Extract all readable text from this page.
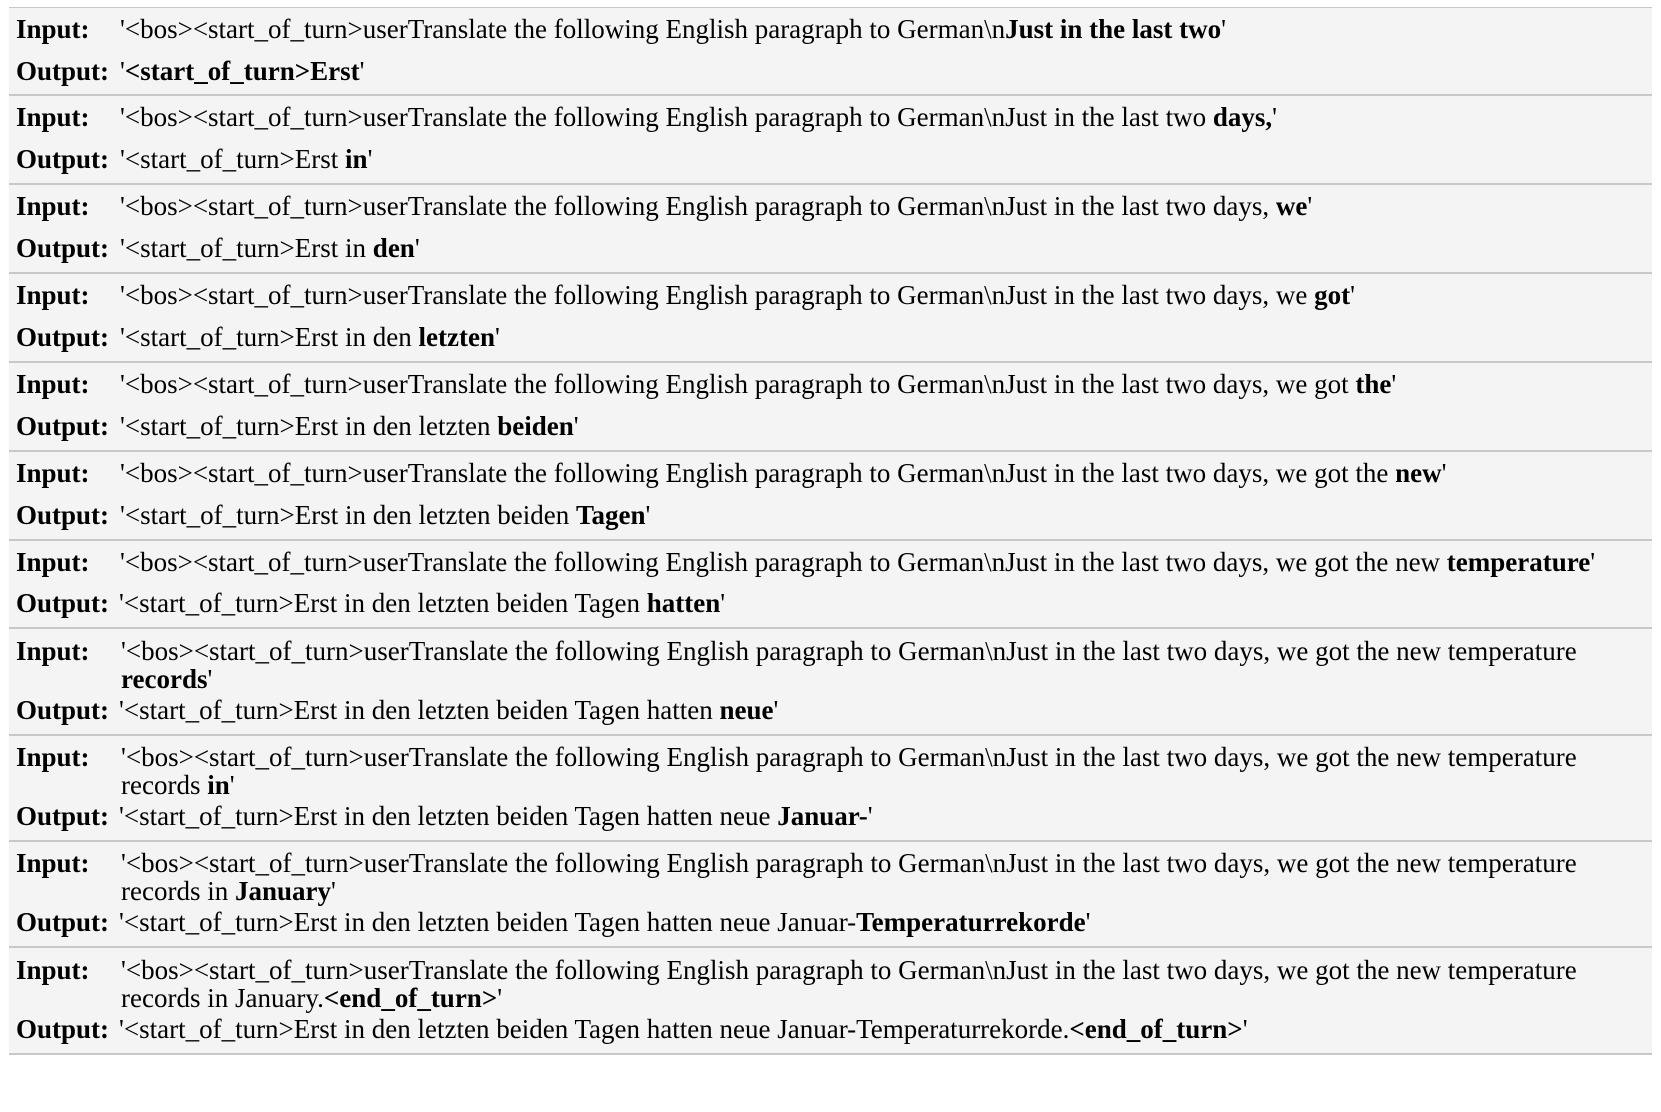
Input: '<bos><start_of_turn>userTranslate the following English paragraph to German\nJust in the last two'
Output: '<start_of_turn>Erst'
Input: '<bos><start_of_turn>userTranslate the following English paragraph to German\nJust in the last two days,'
Output: '<start_of_turn>Erst in'
Input: '<bos><start_of_turn>userTranslate the following English paragraph to German\nJust in the last two days, we'
Output: '<start_of_turn>Erst in den'
Input: '<bos><start_of_turn>userTranslate the following English paragraph to German\nJust in the last two days, we got'
Output: '<start_of_turn>Erst in den letzten'
Input: '<bos><start_of_turn>userTranslate the following English paragraph to German\nJust in the last two days, we got the'
Output: '<start_of_turn>Erst in den letzten beiden'
Input: '<bos><start_of_turn>userTranslate the following English paragraph to German\nJust in the last two days, we got the new'
Output: '<start_of_turn>Erst in den letzten beiden Tagen'
Input: '<bos><start_of_turn>userTranslate the following English paragraph to German\nJust in the last two days, we got the new temperature'
Output: '<start_of_turn>Erst in den letzten beiden Tagen hatten'
Input: '<bos><start_of_turn>userTranslate the following English paragraph to German\nJust in the last two days, we got the new temperature records'
Output: '<start_of_turn>Erst in den letzten beiden Tagen hatten neue'
Input: '<bos><start_of_turn>userTranslate the following English paragraph to German\nJust in the last two days, we got the new temperature records in'
Output: '<start_of_turn>Erst in den letzten beiden Tagen hatten neue Januar-'
Input: '<bos><start_of_turn>userTranslate the following English paragraph to German\nJust in the last two days, we got the new temperature records in January'
Output: '<start_of_turn>Erst in den letzten beiden Tagen hatten neue Januar-Temperaturrekorde'
Input: '<bos><start_of_turn>userTranslate the following English paragraph to German\nJust in the last two days, we got the new temperature records in January.<end_of_turn>'
Output: '<start_of_turn>Erst in den letzten beiden Tagen hatten neue Januar-Temperaturrekorde.<end_of_turn>'
